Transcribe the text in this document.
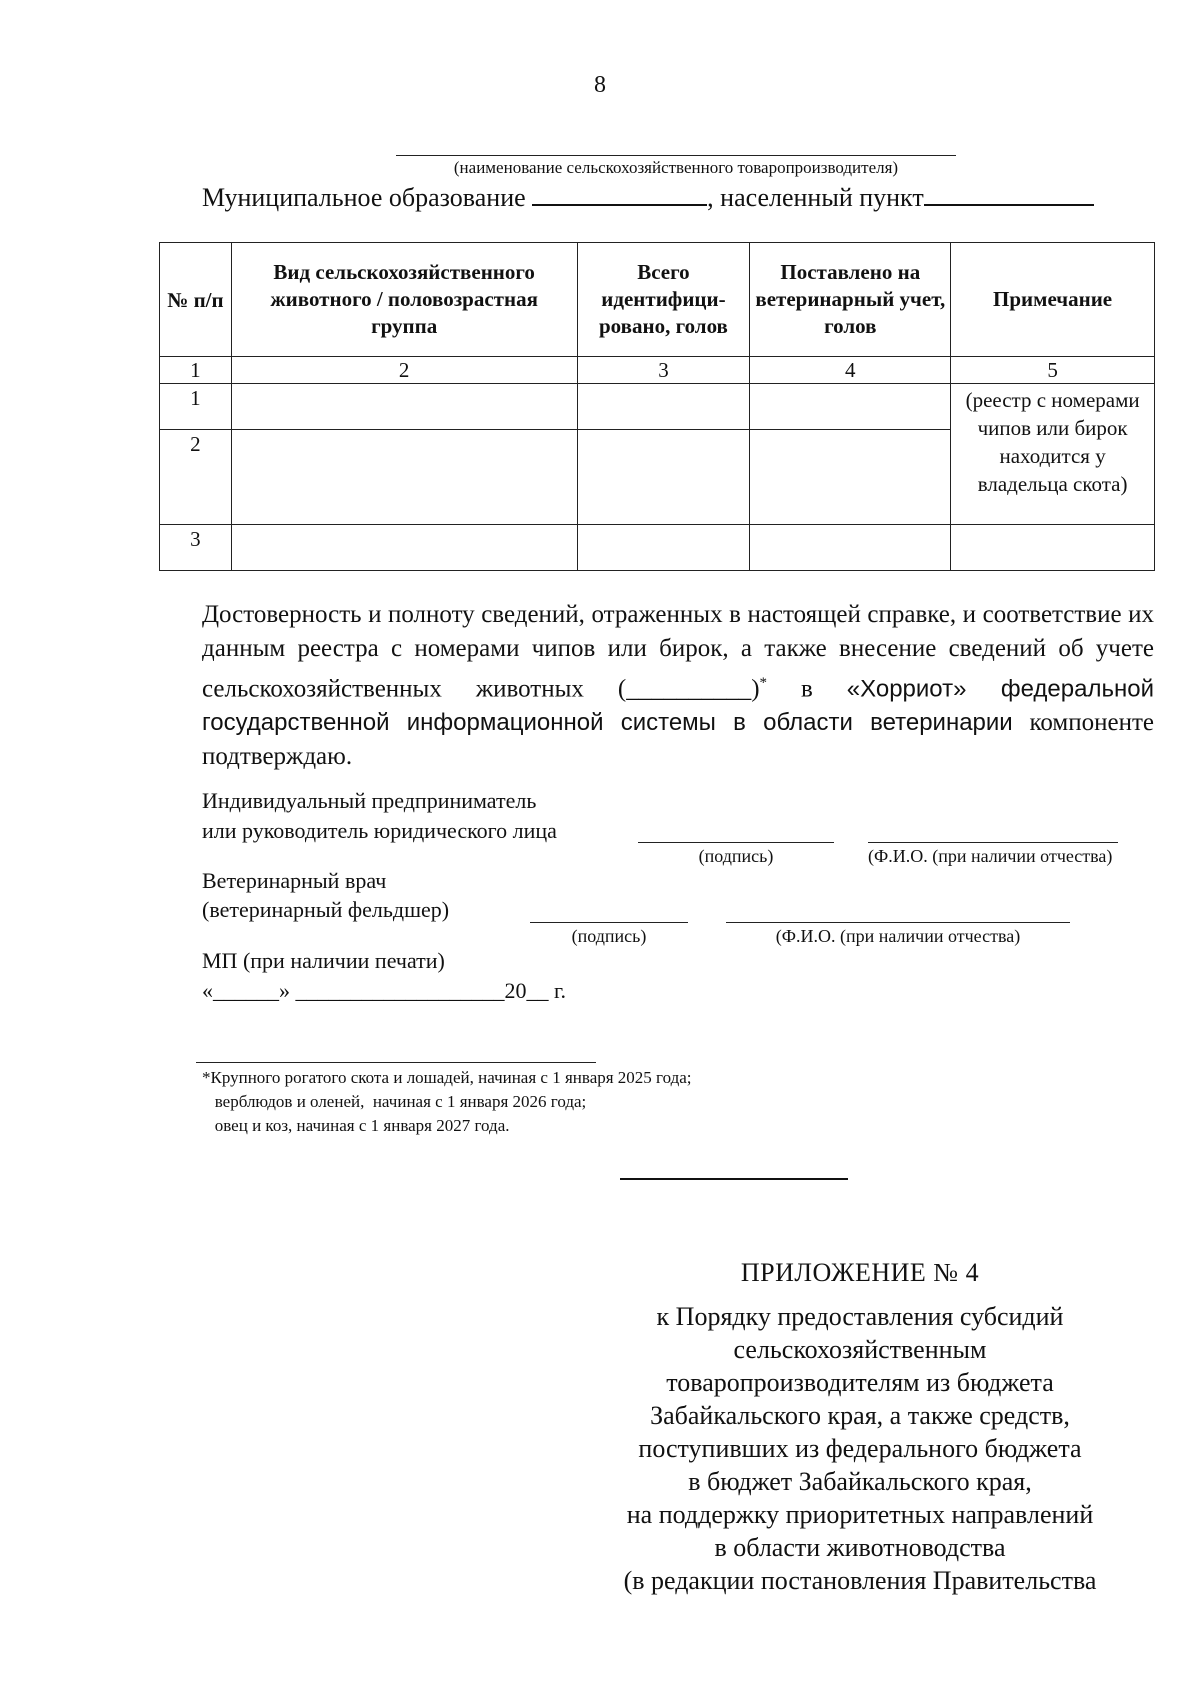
8
(наименование сельскохозяйственного товаропроизводителя)
Муниципальное образование	, населенный пункт
№ п/п	Вид сельскохозяйственного животного / половозрастная группа	Всего идентифици-ровано, голов	Поставлено на ветеринарный учет, голов	Примечание
1	2	3	4	5
1				(реестр с номерами чипов или бирок находится у владельца скота)
2				
3				
Достоверность и полноту сведений, отраженных в настоящей справке, и соответствие их данным реестра с номерами чипов или бирок, а также внесение сведений об учете сельскохозяйственных животных (__________)* в «Хорриот» федеральной государственной информационной системы в области ветеринарии компоненте подтверждаю.
Индивидуальный предприниматель
или руководитель юридического лица
(подпись)	(Ф.И.О. (при наличии отчества)
Ветеринарный врач
(ветеринарный фельдшер)
(подпись)	(Ф.И.О. (при наличии отчества)
МП (при наличии печати)
«______» ___________________20__ г.
*Крупного рогатого скота и лошадей, начиная с 1 января 2025 года;
верблюдов и оленей,  начиная с 1 января 2026 года;
овец и коз, начиная с 1 января 2027 года.
ПРИЛОЖЕНИЕ № 4
к Порядку предоставления субсидий
сельскохозяйственным
товаропроизводителям из бюджета
Забайкальского края, а также средств,
поступивших из федерального бюджета
в бюджет Забайкальского края,
на поддержку приоритетных направлений
в области животноводства
(в редакции постановления Правительства
